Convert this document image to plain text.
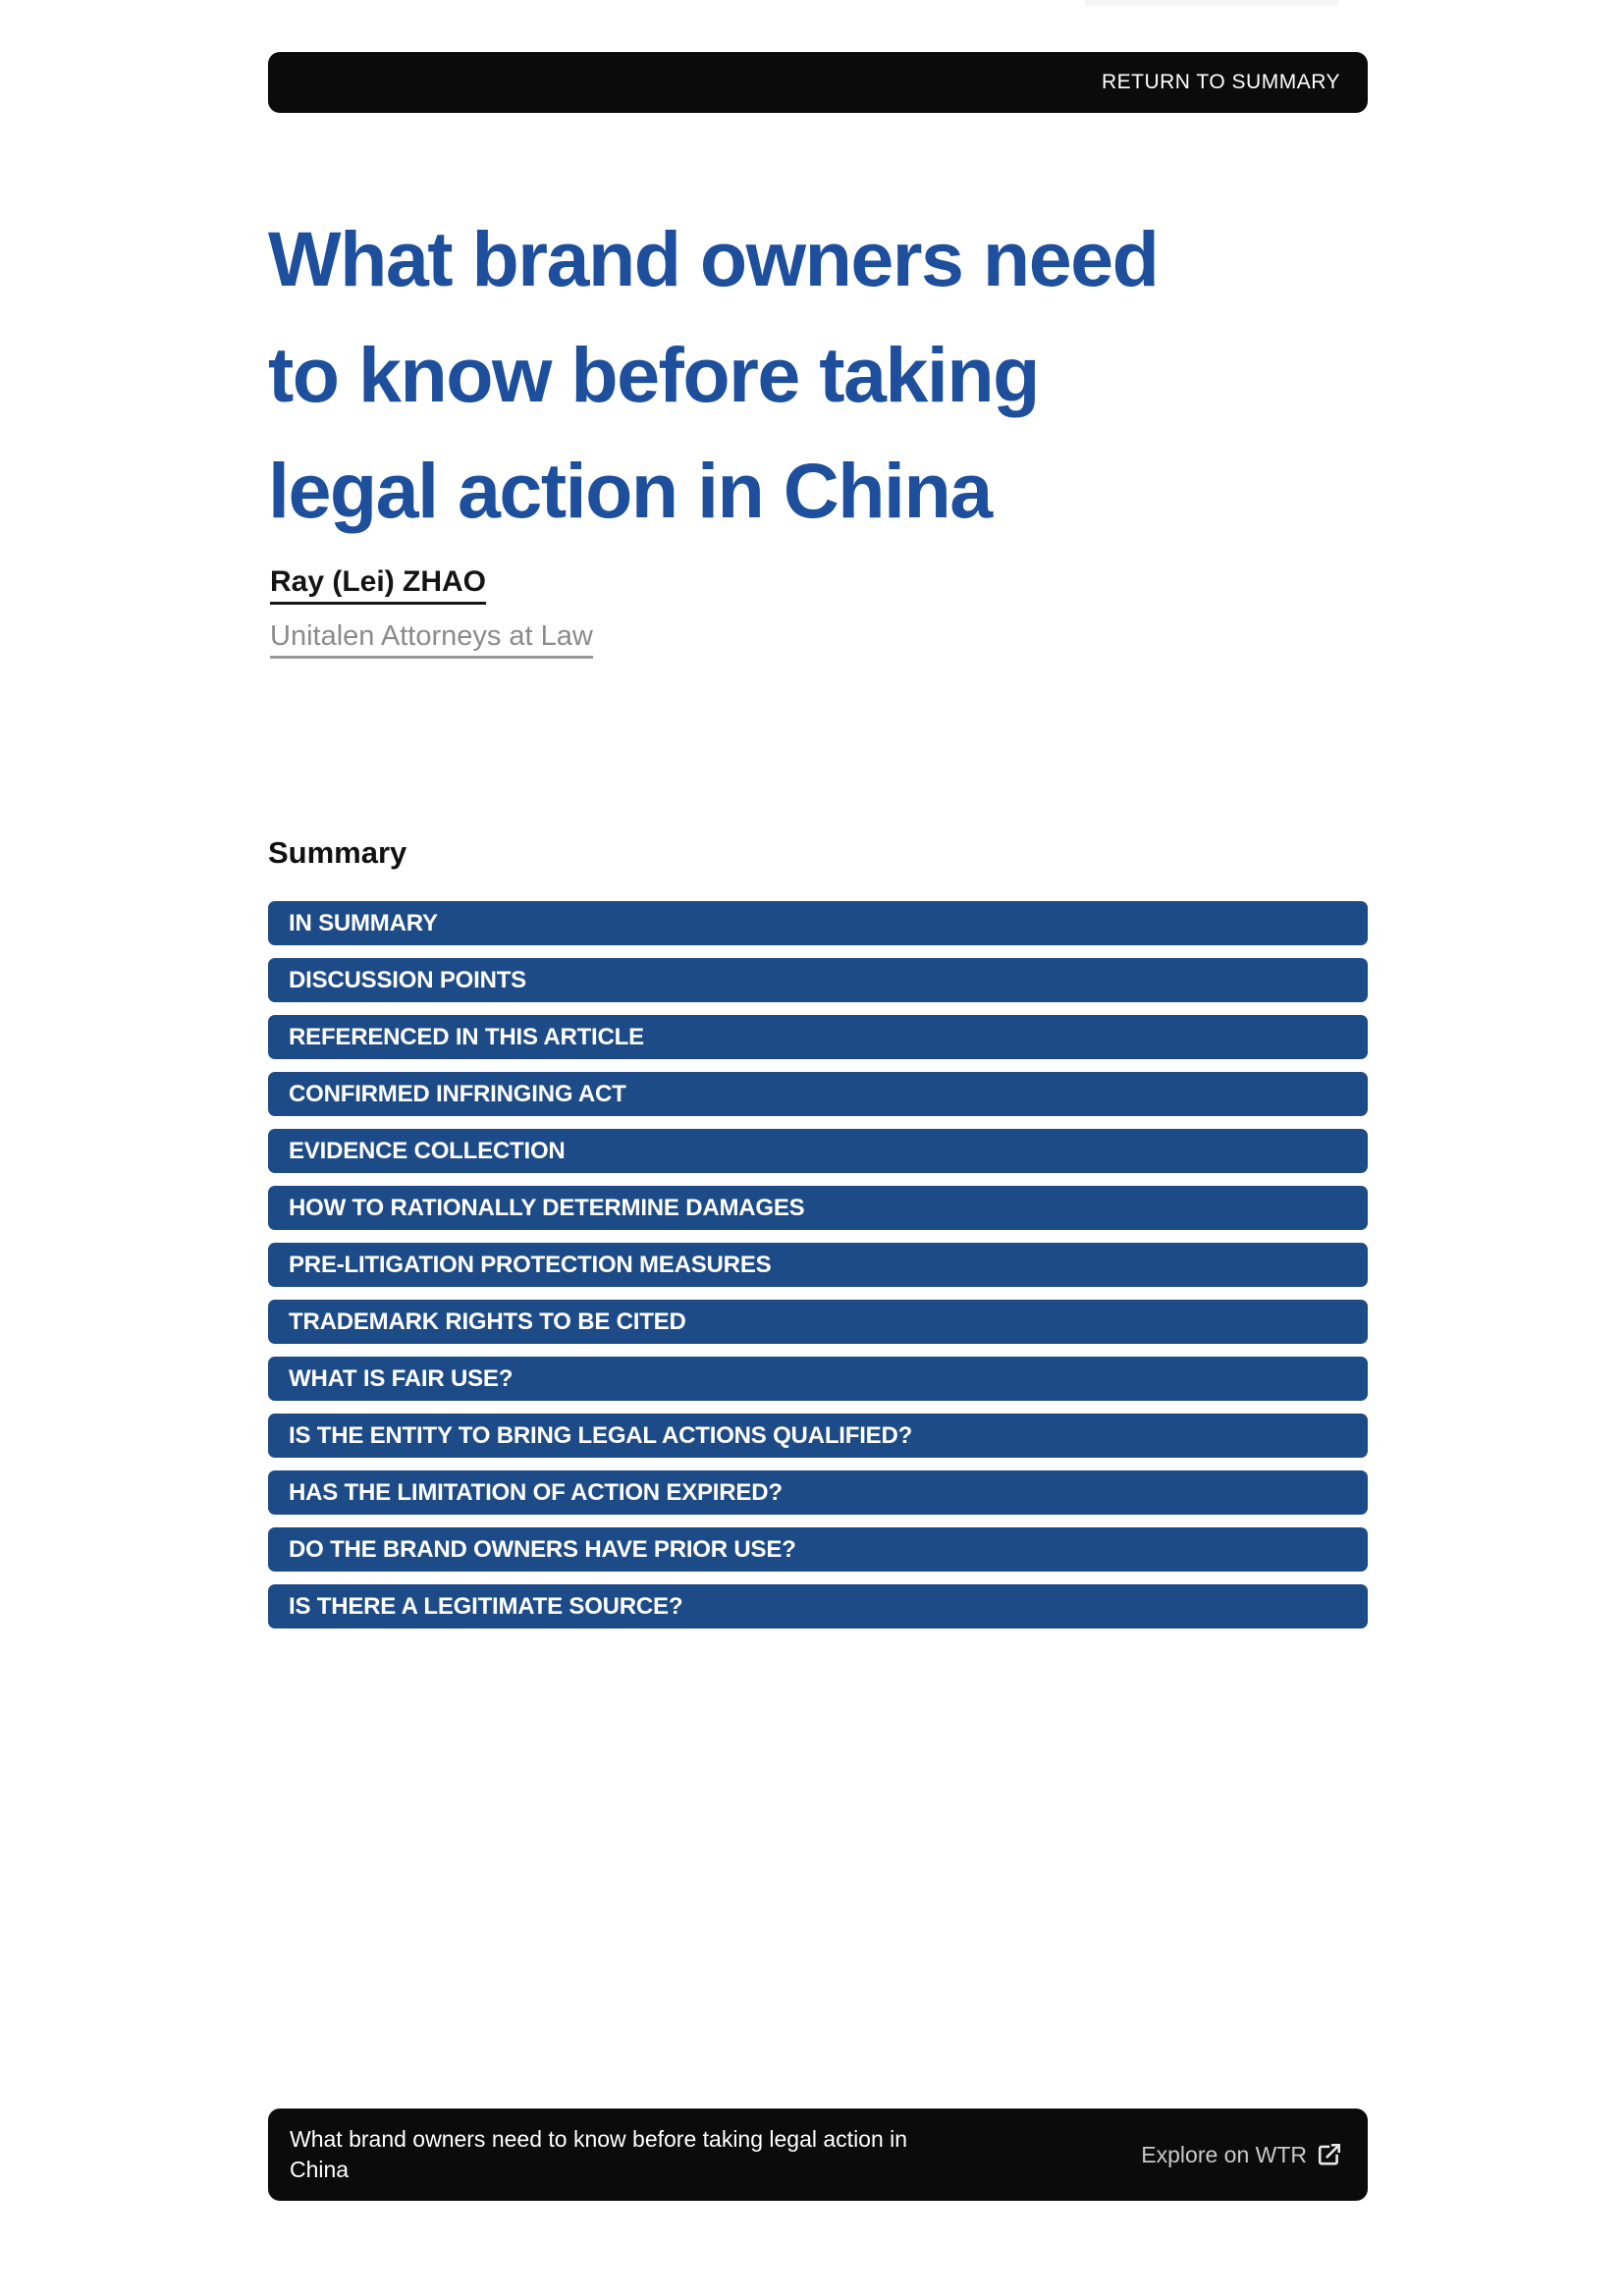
RETURN TO SUMMARY
What brand owners need
to know before taking
legal action in China
Ray (Lei) ZHAO
Unitalen Attorneys at Law
Summary
IN SUMMARY
DISCUSSION POINTS
REFERENCED IN THIS ARTICLE
CONFIRMED INFRINGING ACT
EVIDENCE COLLECTION
HOW TO RATIONALLY DETERMINE DAMAGES
PRE-LITIGATION PROTECTION MEASURES
TRADEMARK RIGHTS TO BE CITED
WHAT IS FAIR USE?
IS THE ENTITY TO BRING LEGAL ACTIONS QUALIFIED?
HAS THE LIMITATION OF ACTION EXPIRED?
DO THE BRAND OWNERS HAVE PRIOR USE?
IS THERE A LEGITIMATE SOURCE?
What brand owners need to know before taking legal action in China
Explore on WTR
